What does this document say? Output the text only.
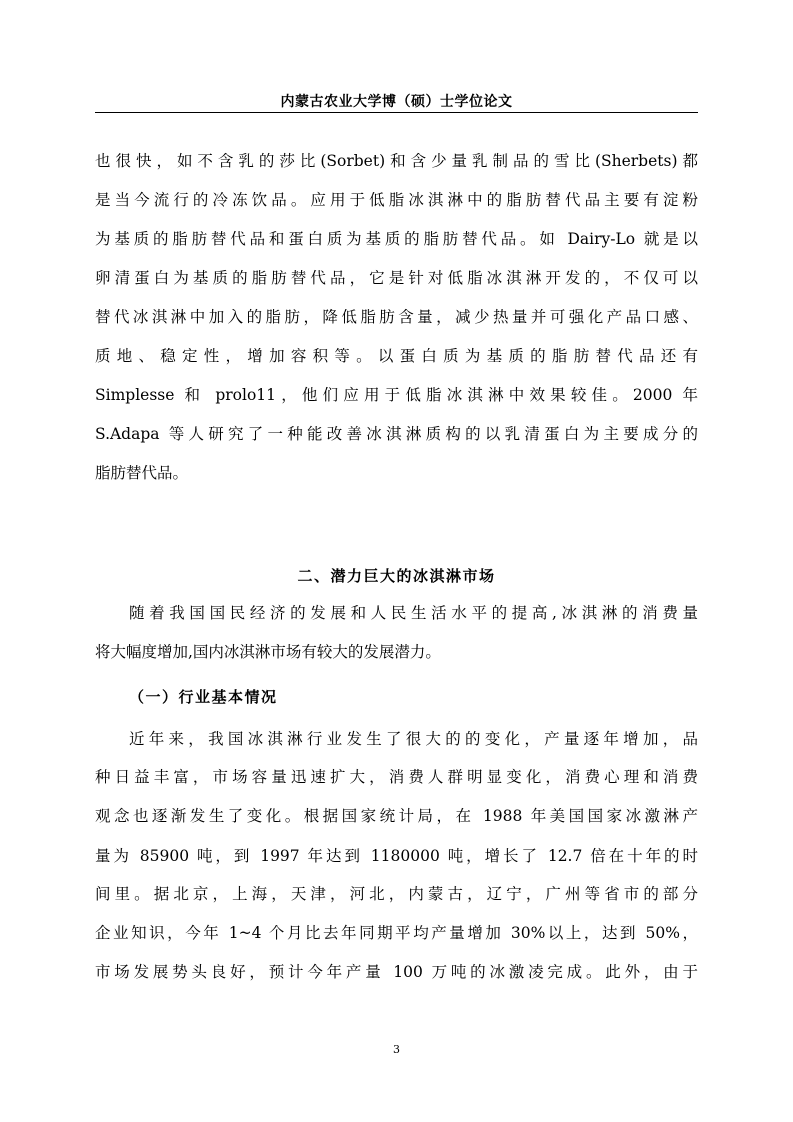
内蒙古农业大学博（硕）士学位论文
也很快，如不含乳的莎比(Sorbet)和含少量乳制品的雪比(Sherbets)都
是当今流行的冷冻饮品。应用于低脂冰淇淋中的脂肪替代品主要有淀粉
为基质的脂肪替代品和蛋白质为基质的脂肪替代品。如 Dairy-Lo 就是以
卵清蛋白为基质的脂肪替代品，它是针对低脂冰淇淋开发的，不仅可以
替代冰淇淋中加入的脂肪，降低脂肪含量，减少热量并可强化产品口感、
质地、稳定性，增加容积等。以蛋白质为基质的脂肪替代品还有
Simplesse 和 prolo11，他们应用于低脂冰淇淋中效果较佳。2000 年
S.Adapa 等人研究了一种能改善冰淇淋质构的以乳清蛋白为主要成分的
脂肪替代品。
二、潜力巨大的冰淇淋市场
随着我国国民经济的发展和人民生活水平的提高,冰淇淋的消费量
将大幅度增加,国内冰淇淋市场有较大的发展潜力。
（一）行业基本情况
近年来，我国冰淇淋行业发生了很大的的变化，产量逐年增加，品
种日益丰富，市场容量迅速扩大，消费人群明显变化，消费心理和消费
观念也逐渐发生了变化。根据国家统计局，在 1988 年美国国家冰激淋产
量为 85900 吨，到 1997 年达到 1180000 吨，增长了 12.7 倍在十年的时
间里。据北京，上海，天津，河北，内蒙古，辽宁，广州等省市的部分
企业知识，今年 1~4 个月比去年同期平均产量增加 30%以上，达到 50%，
市场发展势头良好，预计今年产量 100 万吨的冰激凌完成。此外，由于
3
